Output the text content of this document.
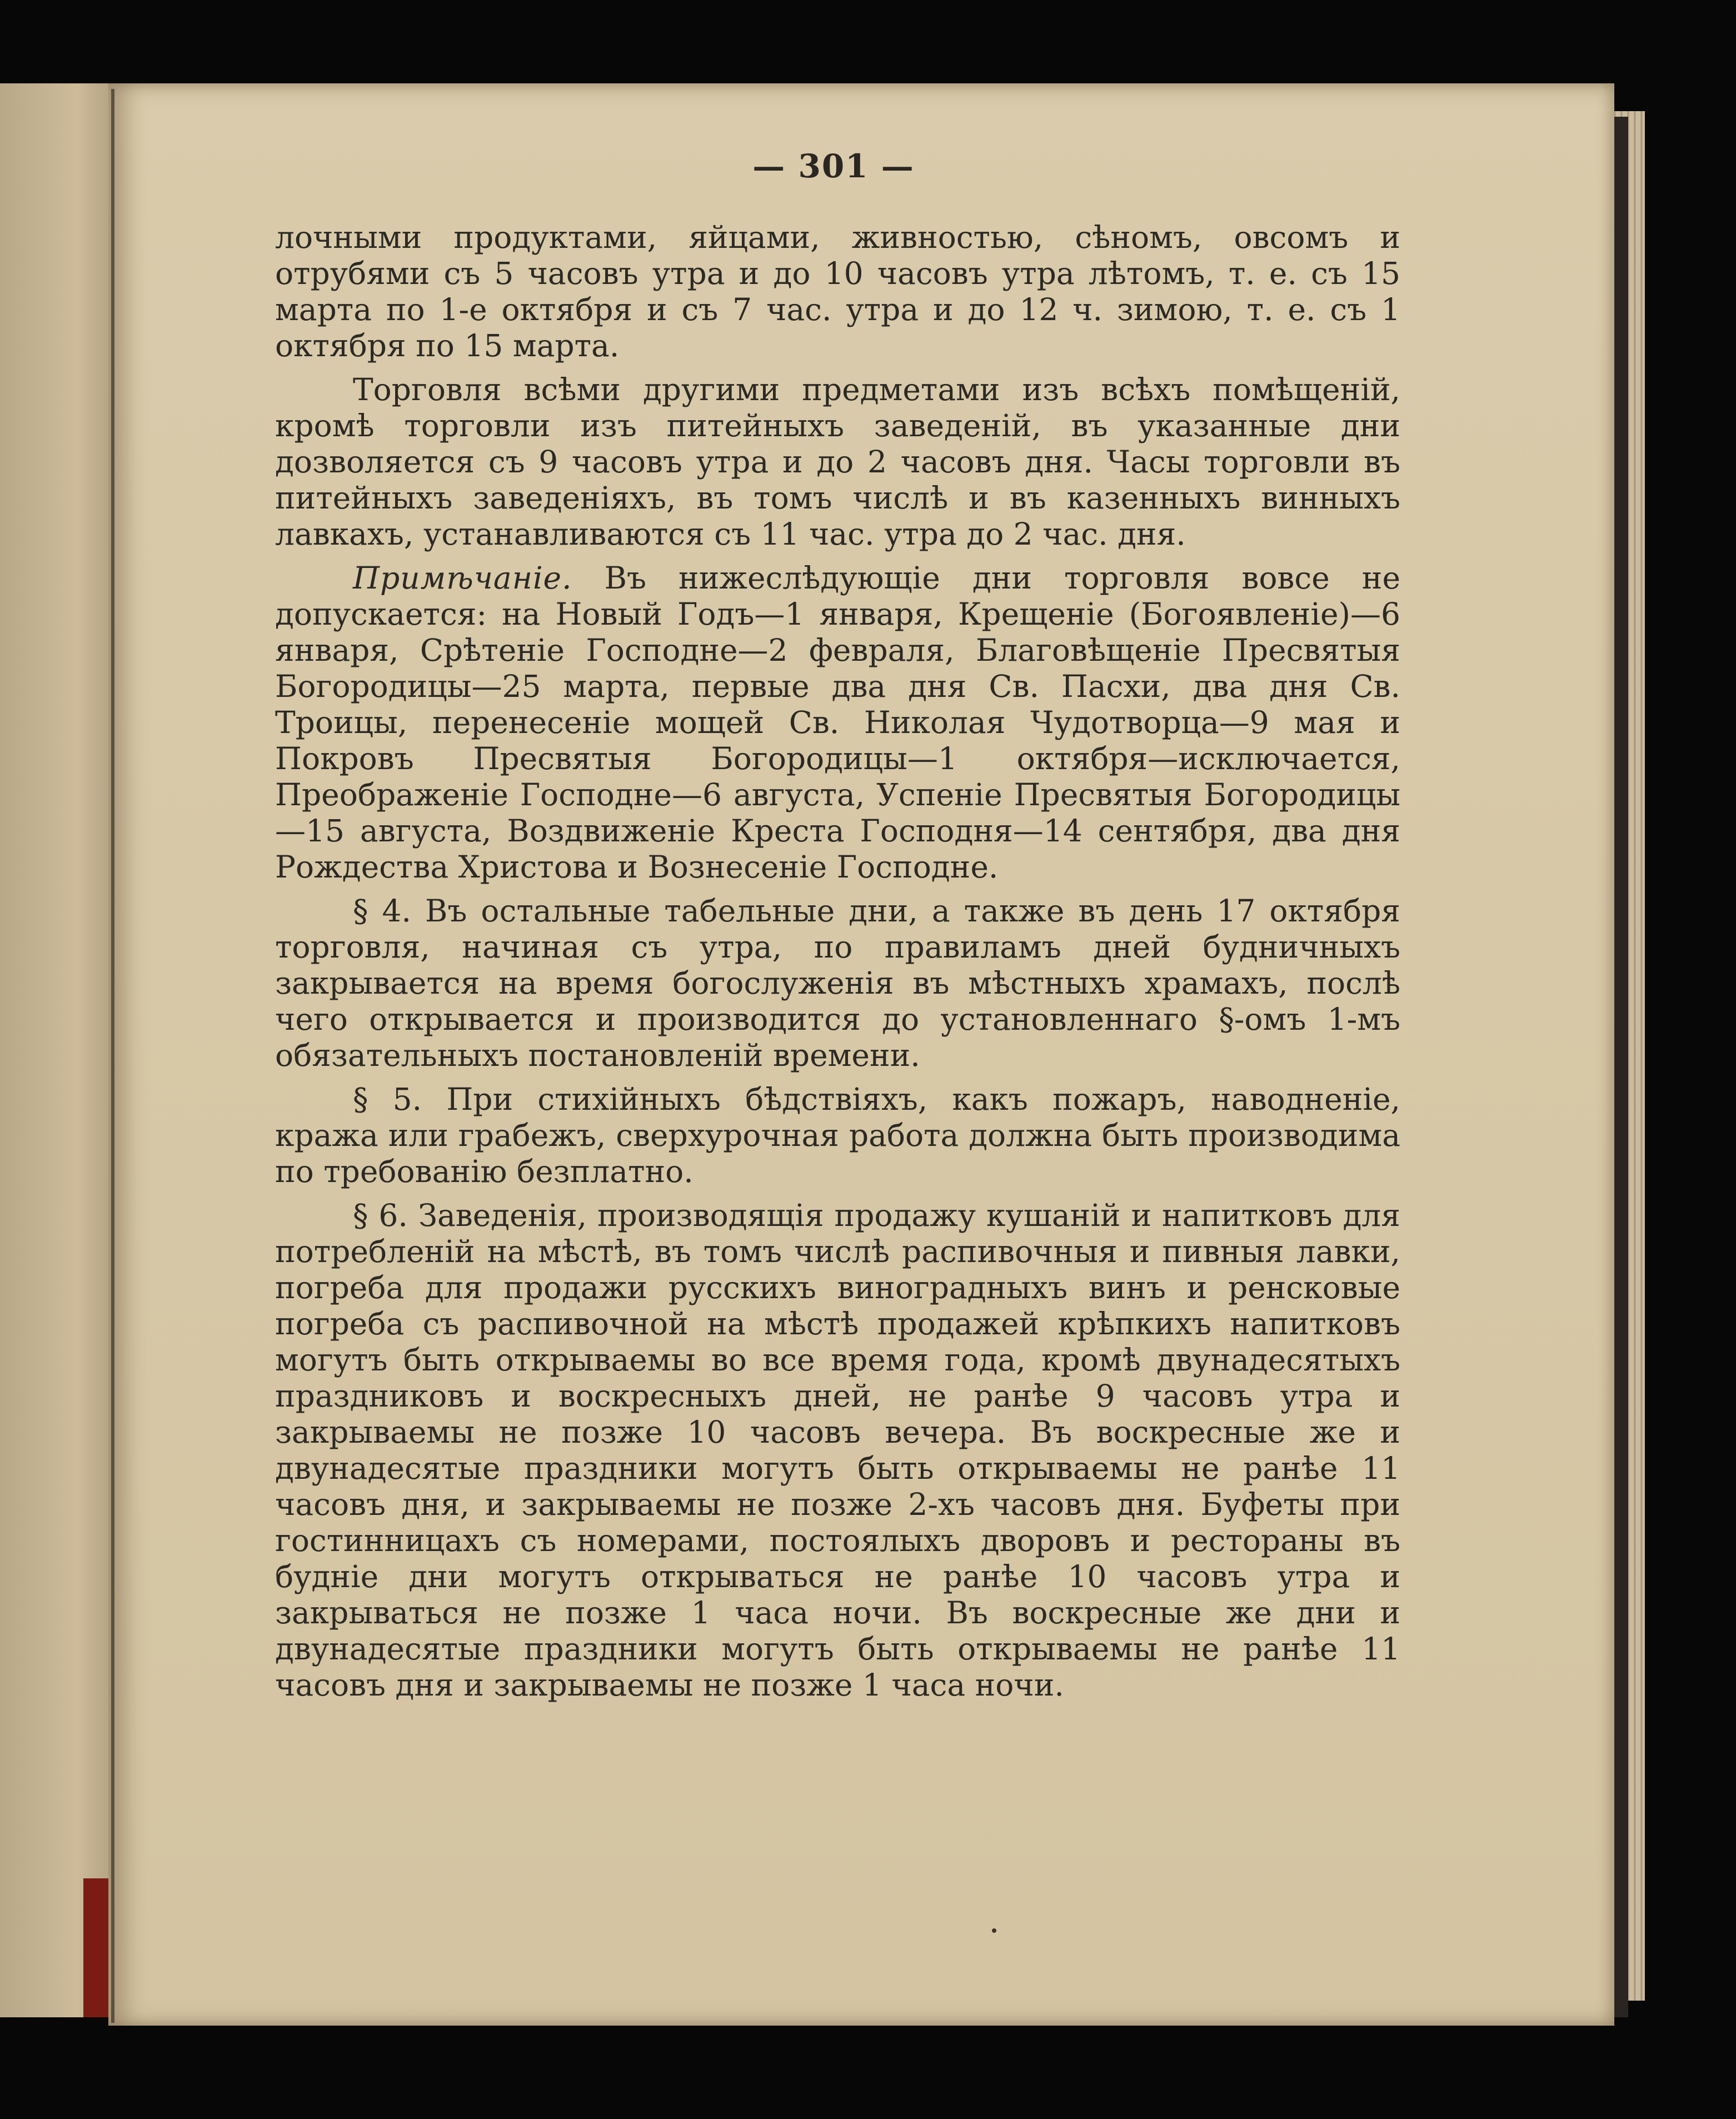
— 301 —

лочными продуктами, яйцами, живностью, сѣномъ, овсомъ и отрубями съ 5 часовъ утра и до 10 часовъ утра лѣтомъ, т. е. съ 15 марта по 1-е октября и съ 7 час. утра и до 12 ч. зимою, т. е. съ 1 октября по 15 марта.

Торговля всѣми другими предметами изъ всѣхъ помѣщеній, кромѣ торговли изъ питейныхъ заведеній, въ указанные дни дозволяется съ 9 часовъ утра и до 2 часовъ дня. Часы торговли въ питейныхъ заведеніяхъ, въ томъ числѣ и въ казенныхъ винныхъ лавкахъ, устанавливаются съ 11 час. утра до 2 час. дня.

Примѣчаніе. Въ нижеслѣдующіе дни торговля вовсе не допускается: на Новый Годъ—1 января, Крещеніе (Богоявленіе)—6 января, Срѣтеніе Господне—2 февраля, Благовѣщеніе Пресвятыя Богородицы—25 марта, первые два дня Св. Пасхи, два дня Св. Троицы, перенесеніе мощей Св. Николая Чудотворца—9 мая и Покровъ Пресвятыя Богородицы—1 октября—исключается, Преображеніе Господне—6 августа, Успеніе Пресвятыя Богородицы—15 августа, Воздвиженіе Креста Господня—14 сентября, два дня Рождества Христова и Вознесеніе Господне.

§ 4. Въ остальные табельные дни, а также въ день 17 октября торговля, начиная съ утра, по правиламъ дней будничныхъ закрывается на время богослуженія въ мѣстныхъ храмахъ, послѣ чего открывается и производится до установленнаго §-омъ 1-мъ обязательныхъ постановленій времени.

§ 5. При стихійныхъ бѣдствіяхъ, какъ пожаръ, наводненіе, кража или грабежъ, сверхурочная работа должна быть производима по требованію безплатно.

§ 6. Заведенія, производящія продажу кушаній и напитковъ для потребленій на мѣстѣ, въ томъ числѣ распивочныя и пивныя лавки, погреба для продажи русскихъ виноградныхъ винъ и ренсковые погреба съ распивочной на мѣстѣ продажей крѣпкихъ напитковъ могутъ быть открываемы во все время года, кромѣ двунадесятыхъ праздниковъ и воскресныхъ дней, не ранѣе 9 часовъ утра и закрываемы не позже 10 часовъ вечера. Въ воскресные же и двунадесятые праздники могутъ быть открываемы не ранѣе 11 часовъ дня, и закрываемы не позже 2-хъ часовъ дня. Буфеты при гостинницахъ съ номерами, постоялыхъ дворовъ и рестораны въ будніе дни могутъ открываться не ранѣе 10 часовъ утра и закрываться не позже 1 часа ночи. Въ воскресные же дни и двунадесятые праздники могутъ быть открываемы не ранѣе 11 часовъ дня и закрываемы не позже 1 часа ночи.
